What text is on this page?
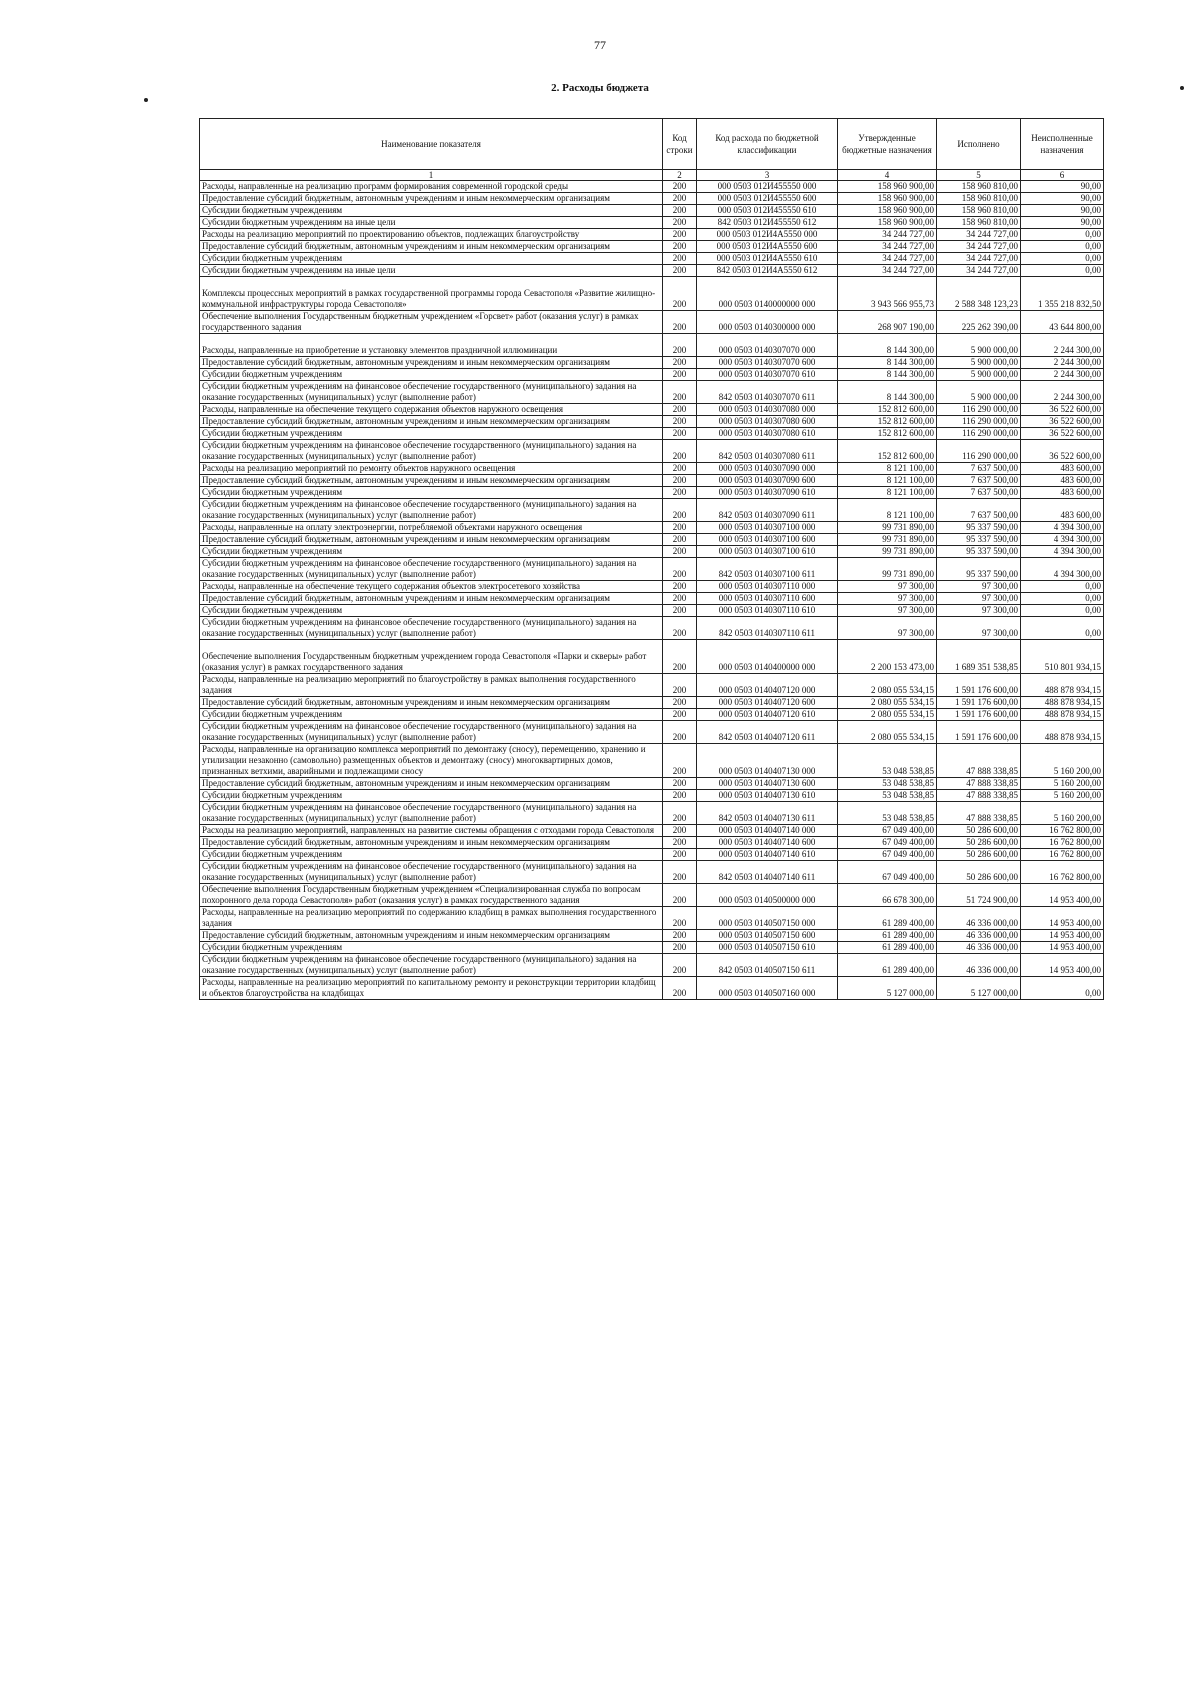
77
2. Расходы бюджета
Наименование показателя	Код строки	Код расхода по бюджетной классификации	Утвержденные бюджетные назначения	Исполнено	Неисполненные назначения
1	2	3	4	5	6
Расходы, направленные на реализацию программ формирования современной городской среды	200	000 0503 012И455550 000	158 960 900,00	158 960 810,00	90,00
Предоставление субсидий бюджетным, автономным учреждениям и иным некоммерческим организациям	200	000 0503 012И455550 600	158 960 900,00	158 960 810,00	90,00
Субсидии бюджетным учреждениям	200	000 0503 012И455550 610	158 960 900,00	158 960 810,00	90,00
Субсидии бюджетным учреждениям на иные цели	200	842 0503 012И455550 612	158 960 900,00	158 960 810,00	90,00
Расходы на реализацию мероприятий по проектированию объектов, подлежащих благоустройству	200	000 0503 012И4А5550 000	34 244 727,00	34 244 727,00	0,00
Предоставление субсидий бюджетным, автономным учреждениям и иным некоммерческим организациям	200	000 0503 012И4А5550 600	34 244 727,00	34 244 727,00	0,00
Субсидии бюджетным учреждениям	200	000 0503 012И4А5550 610	34 244 727,00	34 244 727,00	0,00
Субсидии бюджетным учреждениям на иные цели	200	842 0503 012И4А5550 612	34 244 727,00	34 244 727,00	0,00
Комплексы процессных мероприятий в рамках государственной программы города Севастополя «Развитие жилищно-коммунальной инфраструктуры города Севастополя»	200	000 0503 0140000000 000	3 943 566 955,73	2 588 348 123,23	1 355 218 832,50
Обеспечение выполнения Государственным бюджетным учреждением «Горсвет» работ (оказания услуг) в рамках государственного задания	200	000 0503 0140300000 000	268 907 190,00	225 262 390,00	43 644 800,00
Расходы, направленные на приобретение и установку элементов праздничной иллюминации	200	000 0503 0140307070 000	8 144 300,00	5 900 000,00	2 244 300,00
Предоставление субсидий бюджетным, автономным учреждениям и иным некоммерческим организациям	200	000 0503 0140307070 600	8 144 300,00	5 900 000,00	2 244 300,00
Субсидии бюджетным учреждениям	200	000 0503 0140307070 610	8 144 300,00	5 900 000,00	2 244 300,00
Субсидии бюджетным учреждениям на финансовое обеспечение государственного (муниципального) задания на оказание государственных (муниципальных) услуг (выполнение работ)	200	842 0503 0140307070 611	8 144 300,00	5 900 000,00	2 244 300,00
Расходы, направленные на обеспечение текущего содержания объектов наружного освещения	200	000 0503 0140307080 000	152 812 600,00	116 290 000,00	36 522 600,00
Предоставление субсидий бюджетным, автономным учреждениям и иным некоммерческим организациям	200	000 0503 0140307080 600	152 812 600,00	116 290 000,00	36 522 600,00
Субсидии бюджетным учреждениям	200	000 0503 0140307080 610	152 812 600,00	116 290 000,00	36 522 600,00
Субсидии бюджетным учреждениям на финансовое обеспечение государственного (муниципального) задания на оказание государственных (муниципальных) услуг (выполнение работ)	200	842 0503 0140307080 611	152 812 600,00	116 290 000,00	36 522 600,00
Расходы на реализацию мероприятий по ремонту объектов наружного освещения	200	000 0503 0140307090 000	8 121 100,00	7 637 500,00	483 600,00
Предоставление субсидий бюджетным, автономным учреждениям и иным некоммерческим организациям	200	000 0503 0140307090 600	8 121 100,00	7 637 500,00	483 600,00
Субсидии бюджетным учреждениям	200	000 0503 0140307090 610	8 121 100,00	7 637 500,00	483 600,00
Субсидии бюджетным учреждениям на финансовое обеспечение государственного (муниципального) задания на оказание государственных (муниципальных) услуг (выполнение работ)	200	842 0503 0140307090 611	8 121 100,00	7 637 500,00	483 600,00
Расходы, направленные на оплату электроэнергии, потребляемой объектами наружного освещения	200	000 0503 0140307100 000	99 731 890,00	95 337 590,00	4 394 300,00
Предоставление субсидий бюджетным, автономным учреждениям и иным некоммерческим организациям	200	000 0503 0140307100 600	99 731 890,00	95 337 590,00	4 394 300,00
Субсидии бюджетным учреждениям	200	000 0503 0140307100 610	99 731 890,00	95 337 590,00	4 394 300,00
Субсидии бюджетным учреждениям на финансовое обеспечение государственного (муниципального) задания на оказание государственных (муниципальных) услуг (выполнение работ)	200	842 0503 0140307100 611	99 731 890,00	95 337 590,00	4 394 300,00
Расходы, направленные на обеспечение текущего содержания объектов электросетевого хозяйства	200	000 0503 0140307110 000	97 300,00	97 300,00	0,00
Предоставление субсидий бюджетным, автономным учреждениям и иным некоммерческим организациям	200	000 0503 0140307110 600	97 300,00	97 300,00	0,00
Субсидии бюджетным учреждениям	200	000 0503 0140307110 610	97 300,00	97 300,00	0,00
Субсидии бюджетным учреждениям на финансовое обеспечение государственного (муниципального) задания на оказание государственных (муниципальных) услуг (выполнение работ)	200	842 0503 0140307110 611	97 300,00	97 300,00	0,00
Обеспечение выполнения Государственным бюджетным учреждением города Севастополя «Парки и скверы» работ (оказания услуг) в рамках государственного задания	200	000 0503 0140400000 000	2 200 153 473,00	1 689 351 538,85	510 801 934,15
Расходы, направленные на реализацию мероприятий по благоустройству в рамках выполнения государственного задания	200	000 0503 0140407120 000	2 080 055 534,15	1 591 176 600,00	488 878 934,15
Предоставление субсидий бюджетным, автономным учреждениям и иным некоммерческим организациям	200	000 0503 0140407120 600	2 080 055 534,15	1 591 176 600,00	488 878 934,15
Субсидии бюджетным учреждениям	200	000 0503 0140407120 610	2 080 055 534,15	1 591 176 600,00	488 878 934,15
Субсидии бюджетным учреждениям на финансовое обеспечение государственного (муниципального) задания на оказание государственных (муниципальных) услуг (выполнение работ)	200	842 0503 0140407120 611	2 080 055 534,15	1 591 176 600,00	488 878 934,15
Расходы, направленные на организацию комплекса мероприятий по демонтажу (сносу), перемещению, хранению и утилизации незаконно (самовольно) размещенных объектов и демонтажу (сносу) многоквартирных домов, признанных ветхими, аварийными и подлежащими сносу	200	000 0503 0140407130 000	53 048 538,85	47 888 338,85	5 160 200,00
Предоставление субсидий бюджетным, автономным учреждениям и иным некоммерческим организациям	200	000 0503 0140407130 600	53 048 538,85	47 888 338,85	5 160 200,00
Субсидии бюджетным учреждениям	200	000 0503 0140407130 610	53 048 538,85	47 888 338,85	5 160 200,00
Субсидии бюджетным учреждениям на финансовое обеспечение государственного (муниципального) задания на оказание государственных (муниципальных) услуг (выполнение работ)	200	842 0503 0140407130 611	53 048 538,85	47 888 338,85	5 160 200,00
Расходы на реализацию мероприятий, направленных на развитие системы обращения с отходами города Севастополя	200	000 0503 0140407140 000	67 049 400,00	50 286 600,00	16 762 800,00
Предоставление субсидий бюджетным, автономным учреждениям и иным некоммерческим организациям	200	000 0503 0140407140 600	67 049 400,00	50 286 600,00	16 762 800,00
Субсидии бюджетным учреждениям	200	000 0503 0140407140 610	67 049 400,00	50 286 600,00	16 762 800,00
Субсидии бюджетным учреждениям на финансовое обеспечение государственного (муниципального) задания на оказание государственных (муниципальных) услуг (выполнение работ)	200	842 0503 0140407140 611	67 049 400,00	50 286 600,00	16 762 800,00
Обеспечение выполнения Государственным бюджетным учреждением «Специализированная служба по вопросам похоронного дела города Севастополя» работ (оказания услуг) в рамках государственного задания	200	000 0503 0140500000 000	66 678 300,00	51 724 900,00	14 953 400,00
Расходы, направленные на реализацию мероприятий по содержанию кладбищ в рамках выполнения государственного задания	200	000 0503 0140507150 000	61 289 400,00	46 336 000,00	14 953 400,00
Предоставление субсидий бюджетным, автономным учреждениям и иным некоммерческим организациям	200	000 0503 0140507150 600	61 289 400,00	46 336 000,00	14 953 400,00
Субсидии бюджетным учреждениям	200	000 0503 0140507150 610	61 289 400,00	46 336 000,00	14 953 400,00
Субсидии бюджетным учреждениям на финансовое обеспечение государственного (муниципального) задания на оказание государственных (муниципальных) услуг (выполнение работ)	200	842 0503 0140507150 611	61 289 400,00	46 336 000,00	14 953 400,00
Расходы, направленные на реализацию мероприятий по капитальному ремонту и реконструкции территории кладбищ и объектов благоустройства на кладбищах	200	000 0503 0140507160 000	5 127 000,00	5 127 000,00	0,00
